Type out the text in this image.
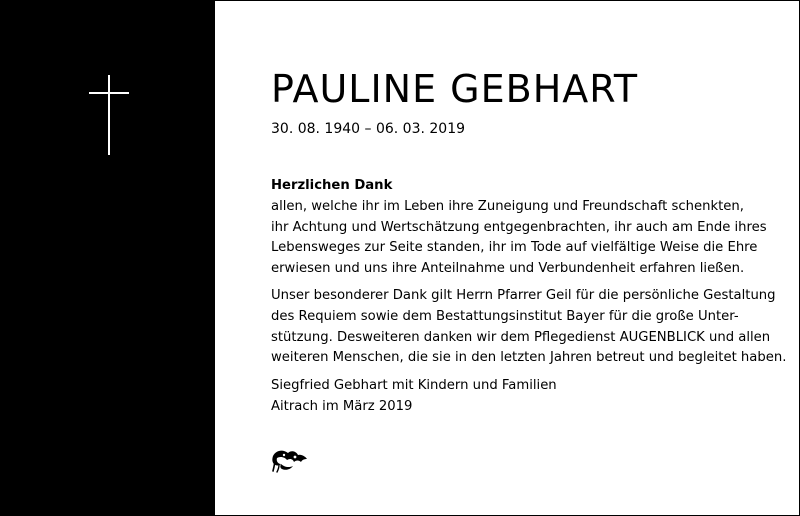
PAULINE GEBHART
30. 08. 1940 – 06. 03. 2019
Herzlichen Dank
allen, welche ihr im Leben ihre Zuneigung und Freundschaft schenkten,
ihr Achtung und Wertschätzung entgegenbrachten, ihr auch am Ende ihres
Lebensweges zur Seite standen, ihr im Tode auf vielfältige Weise die Ehre
erwiesen und uns ihre Anteilnahme und Verbundenheit erfahren ließen.
Unser besonderer Dank gilt Herrn Pfarrer Geil für die persönliche Gestaltung
des Requiem sowie dem Bestattungsinstitut Bayer für die große Unter-
stützung. Desweiteren danken wir dem Pflegedienst AUGENBLICK und allen
weiteren Menschen, die sie in den letzten Jahren betreut und begleitet haben.
Siegfried Gebhart mit Kindern und Familien
Aitrach im März 2019
